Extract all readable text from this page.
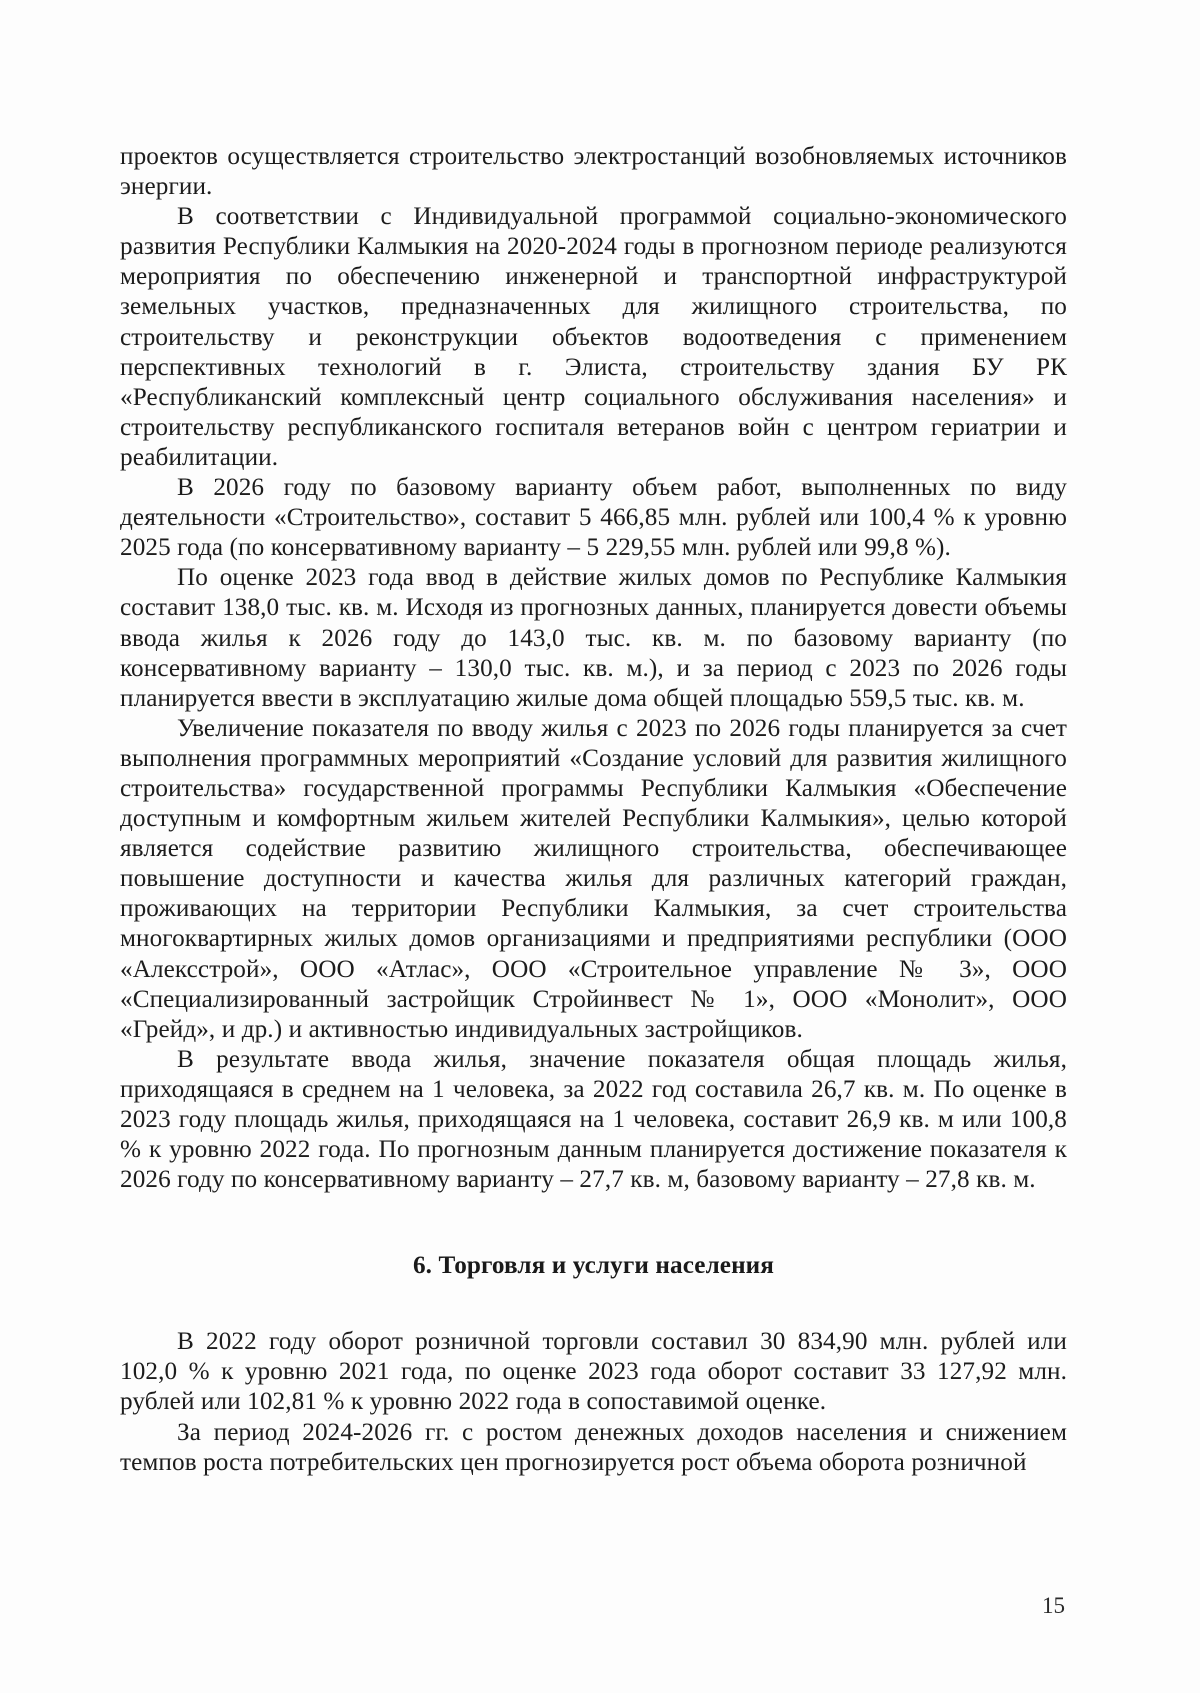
проектов осуществляется строительство электростанций возобновляемых источников энергии.

В соответствии с Индивидуальной программой социально-экономического развития Республики Калмыкия на 2020-2024 годы в прогнозном периоде реализуются мероприятия по обеспечению инженерной и транспортной инфраструктурой земельных участков, предназначенных для жилищного строительства, по строительству и реконструкции объектов водоотведения с применением перспективных технологий в г. Элиста, строительству здания БУ РК «Республиканский комплексный центр социального обслуживания населения» и строительству республиканского госпиталя ветеранов войн с центром гериатрии и реабилитации.

В 2026 году по базовому варианту объем работ, выполненных по виду деятельности «Строительство», составит 5 466,85 млн. рублей или 100,4 % к уровню 2025 года (по консервативному варианту – 5 229,55 млн. рублей или 99,8 %).

По оценке 2023 года ввод в действие жилых домов по Республике Калмыкия составит 138,0 тыс. кв. м. Исходя из прогнозных данных, планируется довести объемы ввода жилья к 2026 году до 143,0 тыс. кв. м. по базовому варианту (по консервативному варианту – 130,0 тыс. кв. м.), и за период с 2023 по 2026 годы планируется ввести в эксплуатацию жилые дома общей площадью 559,5 тыс. кв. м.

Увеличение показателя по вводу жилья с 2023 по 2026 годы планируется за счет выполнения программных мероприятий «Создание условий для развития жилищного строительства» государственной программы Республики Калмыкия «Обеспечение доступным и комфортным жильем жителей Республики Калмыкия», целью которой является содействие развитию жилищного строительства, обеспечивающее повышение доступности и качества жилья для различных категорий граждан, проживающих на территории Республики Калмыкия, за счет строительства многоквартирных жилых домов организациями и предприятиями республики (ООО «Алексстрой», ООО «Атлас», ООО «Строительное управление № 3», ООО «Специализированный застройщик Стройинвест № 1», ООО «Монолит», ООО «Грейд», и др.) и активностью индивидуальных застройщиков.

В результате ввода жилья, значение показателя общая площадь жилья, приходящаяся в среднем на 1 человека, за 2022 год составила 26,7 кв. м. По оценке в 2023 году площадь жилья, приходящаяся на 1 человека, составит 26,9 кв. м или 100,8 % к уровню 2022 года. По прогнозным данным планируется достижение показателя к 2026 году по консервативному варианту – 27,7 кв. м, базовому варианту – 27,8 кв. м.

6. Торговля и услуги населения

В 2022 году оборот розничной торговли составил 30 834,90 млн. рублей или 102,0 % к уровню 2021 года, по оценке 2023 года оборот составит 33 127,92 млн. рублей или 102,81 % к уровню 2022 года в сопоставимой оценке.

За период 2024-2026 гг. с ростом денежных доходов населения и снижением темпов роста потребительских цен прогнозируется рост объема оборота розничной

15
